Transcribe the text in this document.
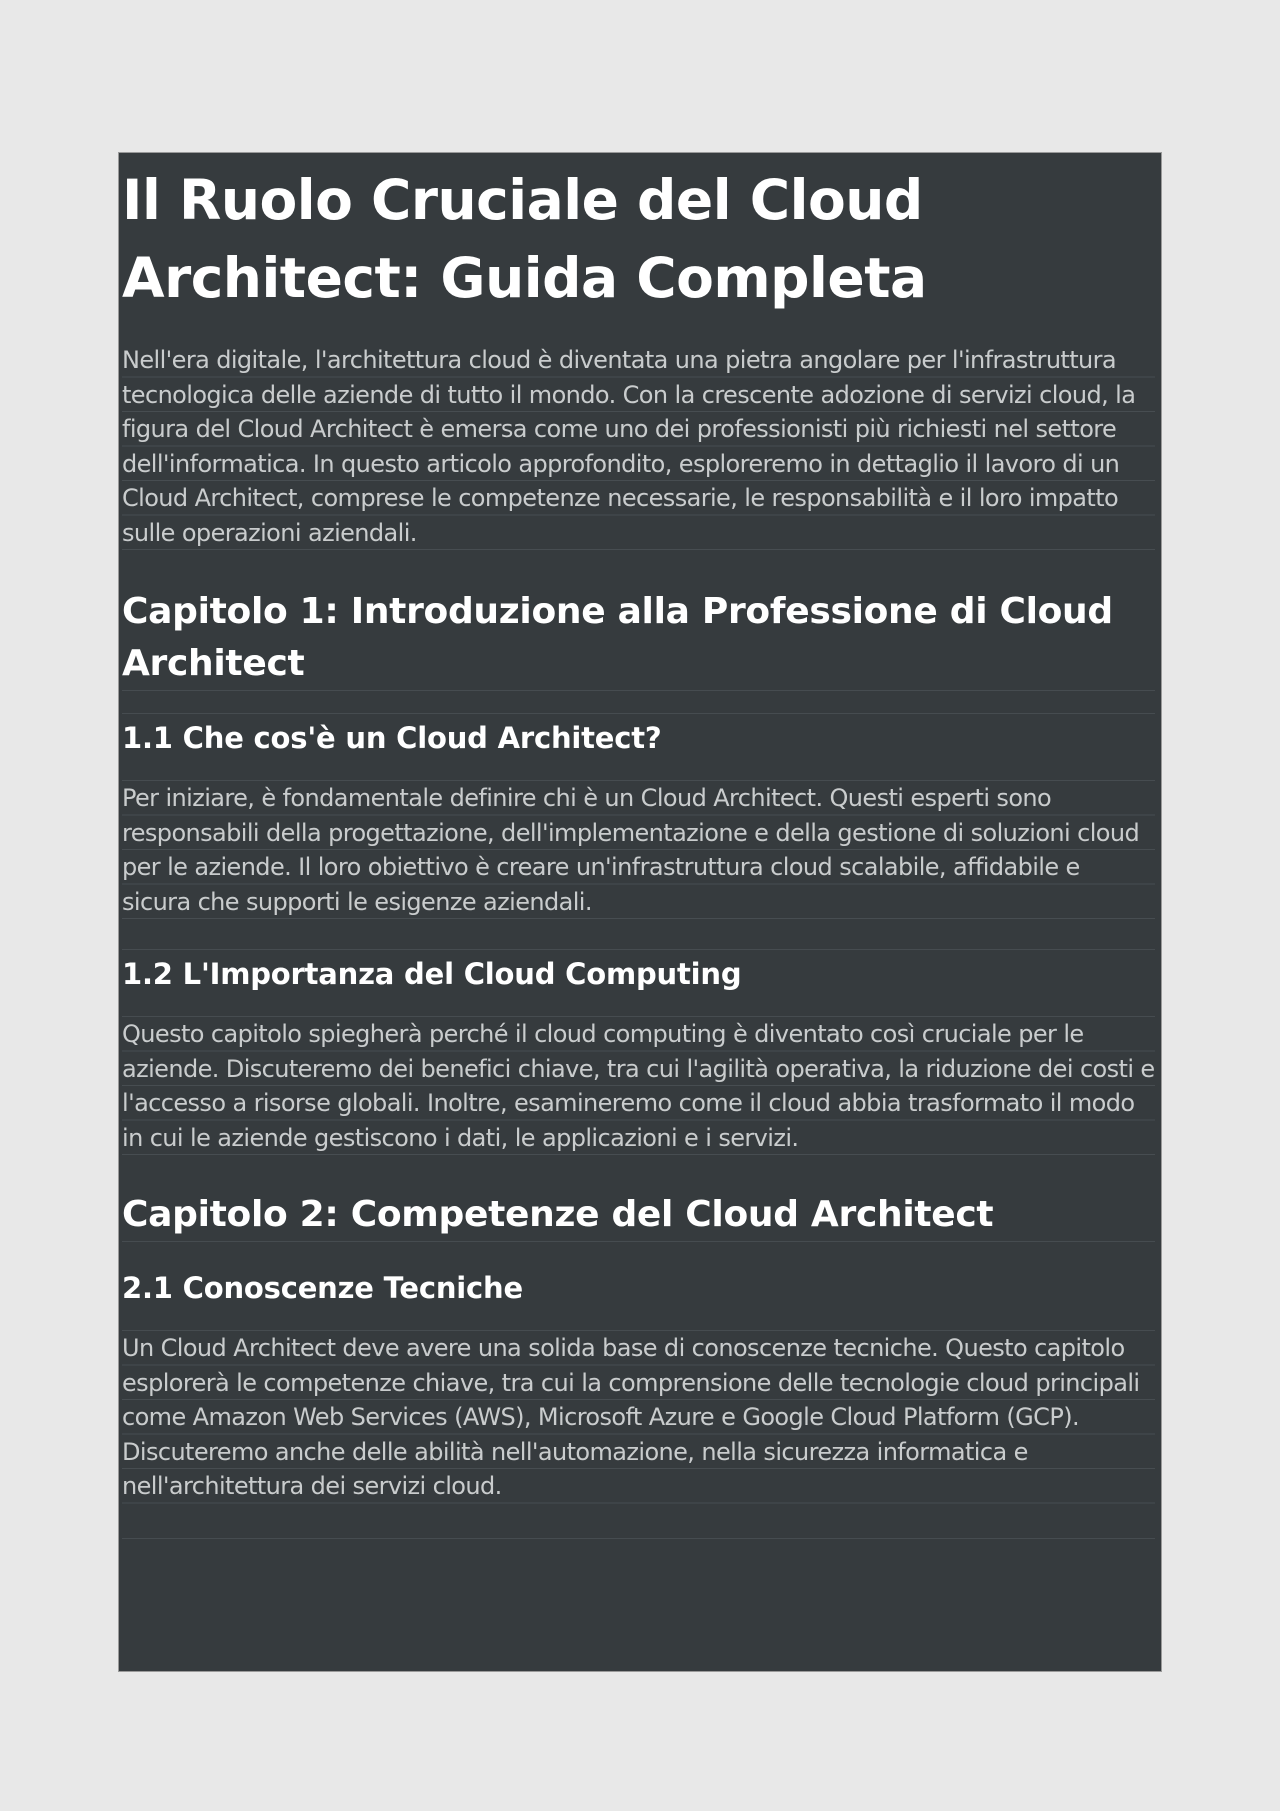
Il Ruolo Cruciale del Cloud Architect: Guida Completa

Nell'era digitale, l'architettura cloud è diventata una pietra angolare per l'infrastruttura tecnologica delle aziende di tutto il mondo. Con la crescente adozione di servizi cloud, la figura del Cloud Architect è emersa come uno dei professionisti più richiesti nel settore dell'informatica. In questo articolo approfondito, esploreremo in dettaglio il lavoro di un Cloud Architect, comprese le competenze necessarie, le responsabilità e il loro impatto sulle operazioni aziendali.

Capitolo 1: Introduzione alla Professione di Cloud Architect
1.1 Che cos'è un Cloud Architect?

Per iniziare, è fondamentale definire chi è un Cloud Architect. Questi esperti sono responsabili della progettazione, dell'implementazione e della gestione di soluzioni cloud per le aziende. Il loro obiettivo è creare un'infrastruttura cloud scalabile, affidabile e sicura che supporti le esigenze aziendali.

1.2 L'Importanza del Cloud Computing

Questo capitolo spiegherà perché il cloud computing è diventato così cruciale per le aziende. Discuteremo dei benefici chiave, tra cui l'agilità operativa, la riduzione dei costi e l'accesso a risorse globali. Inoltre, esamineremo come il cloud abbia trasformato il modo in cui le aziende gestiscono i dati, le applicazioni e i servizi.

Capitolo 2: Competenze del Cloud Architect
2.1 Conoscenze Tecniche

Un Cloud Architect deve avere una solida base di conoscenze tecniche. Questo capitolo esplorerà le competenze chiave, tra cui la comprensione delle tecnologie cloud principali come Amazon Web Services (AWS), Microsoft Azure e Google Cloud Platform (GCP). Discuteremo anche delle abilità nell'automazione, nella sicurezza informatica e nell'architettura dei servizi cloud.
